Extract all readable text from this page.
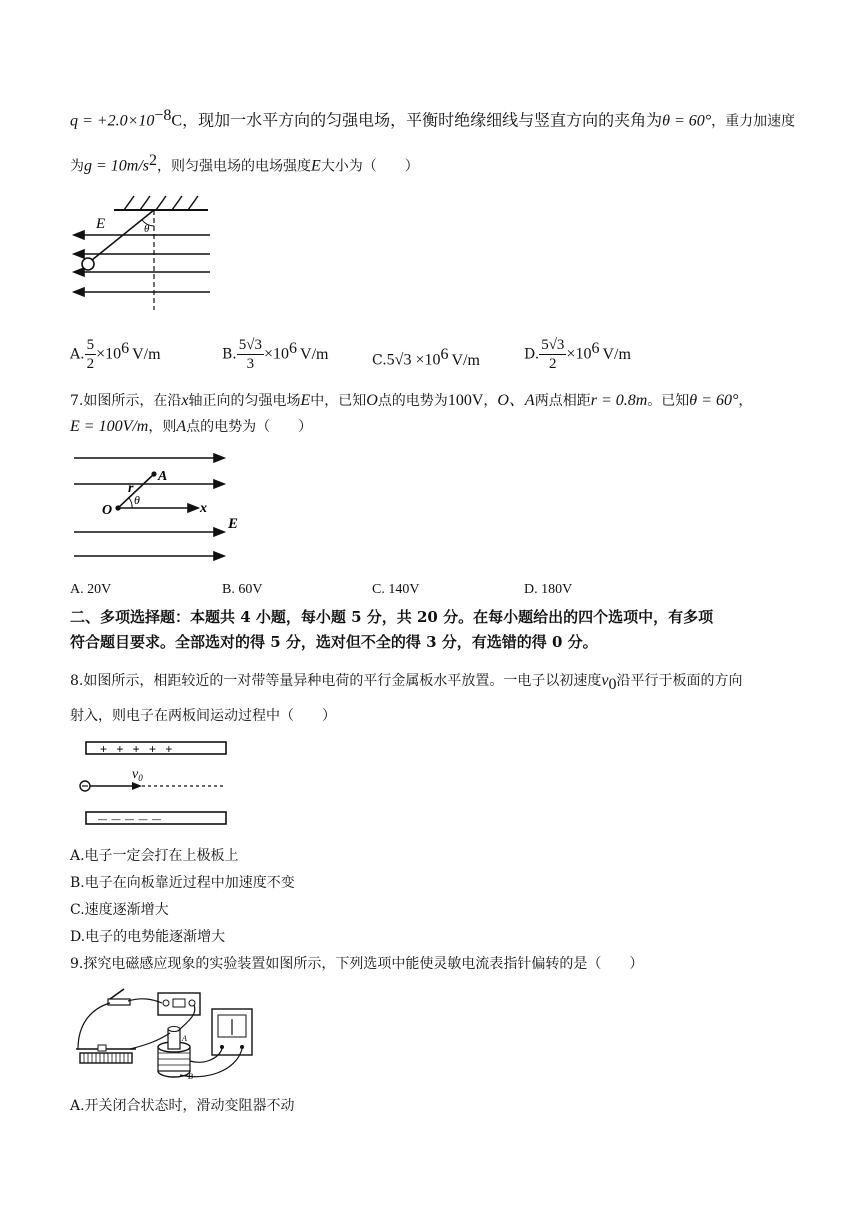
$q = +2.0\times 10^{-8}C$，现加一水平方向的匀强电场，平衡时绝缘细线与竖直方向的夹角为θ = 60°，重力加速度
为$g = 10m/s^2$，则匀强电场的电场强度E大小为（　　）
E	θ
A. $\frac{5}{2} \times 10^6$ V/m	B. $\frac{5√3}{3} \times 10^6$ V/m	$C.5√3 \times 10^6$ V/m	D. $\frac{5√3}{2} \times 10^6$ V/m
7.如图所示，在沿x轴正向的匀强电场E中，已知O点的电势为100V，O、A两点相距r = 0.8m。已知θ = 60°，
E = 100V/m，则A点的电势为（　　）
A
r
O
θ
x
E
A. 20V	B. 60V	C. 140V	D. 180V
二、多项选择题：本题共 4 小题，每小题 5 分，共 20 分。在每小题给出的四个选项中，有多项
符合题目要求。全部选对的得 5 分，选对但不全的得 3 分，有选错的得 0 分。
8.如图所示，相距较近的一对带等量异种电荷的平行金属板水平放置。一电子以初速度$v_0$沿平行于板面的方向
射入，则电子在两板间运动过程中（　　）
+ + + + +
— — — — —
$v_0$
A.电子一定会打在上极板上
B.电子在向板靠近过程中加速度不变
C.速度逐渐增大
D.电子的电势能逐渐增大
9.探究电磁感应现象的实验装置如图所示，下列选项中能使灵敏电流表指针偏转的是（　　）
A
B
A.开关闭合状态时，滑动变阻器不动
